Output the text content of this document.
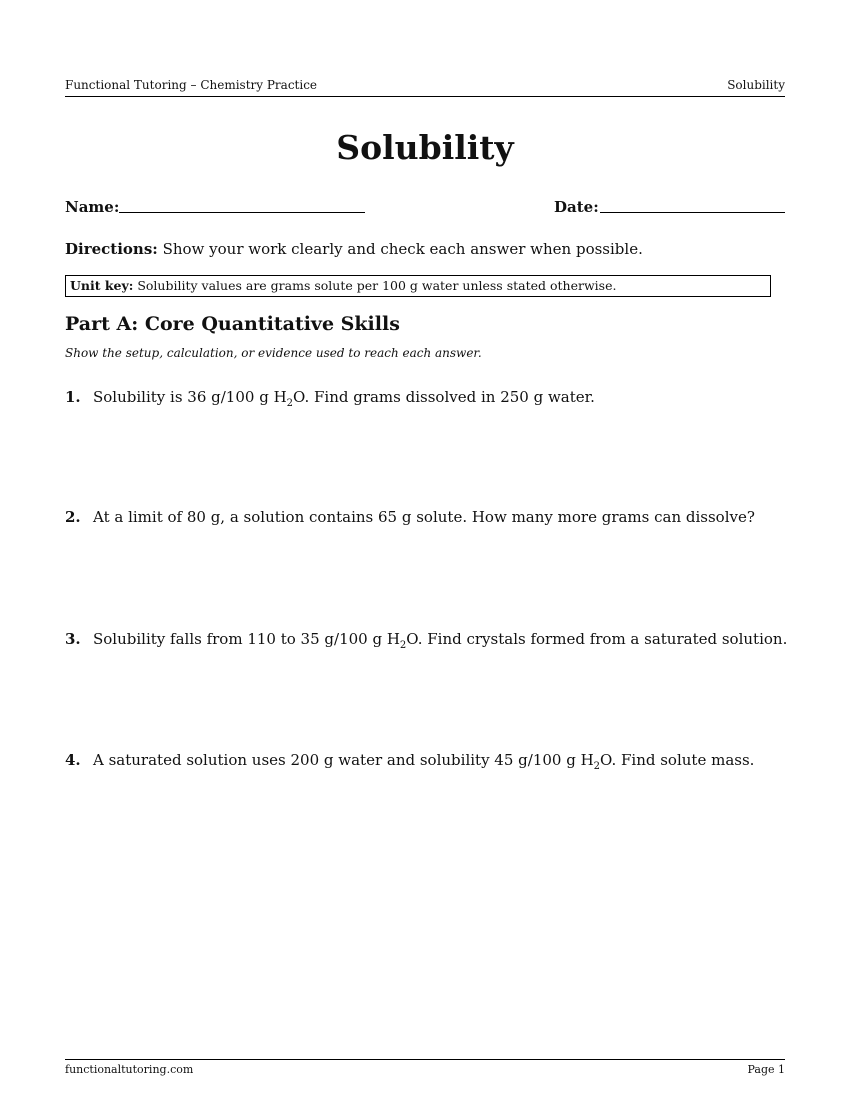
Functional Tutoring – Chemistry Practice	Solubility
Solubility
Name:	Date:
Directions: Show your work clearly and check each answer when possible.
Unit key: Solubility values are grams solute per 100 g water unless stated otherwise.
Part A: Core Quantitative Skills
Show the setup, calculation, or evidence used to reach each answer.
1. Solubility is 36 g/100 g $H_2O$. Find grams dissolved in 250 g water.
2. At a limit of 80 g, a solution contains 65 g solute. How many more grams can dissolve?
3. Solubility falls from 110 to 35 g/100 g $H_2O$. Find crystals formed from a saturated solution.
4. A saturated solution uses 200 g water and solubility 45 g/100 g $H_2O$. Find solute mass.
functionaltutoring.com	Page 1
